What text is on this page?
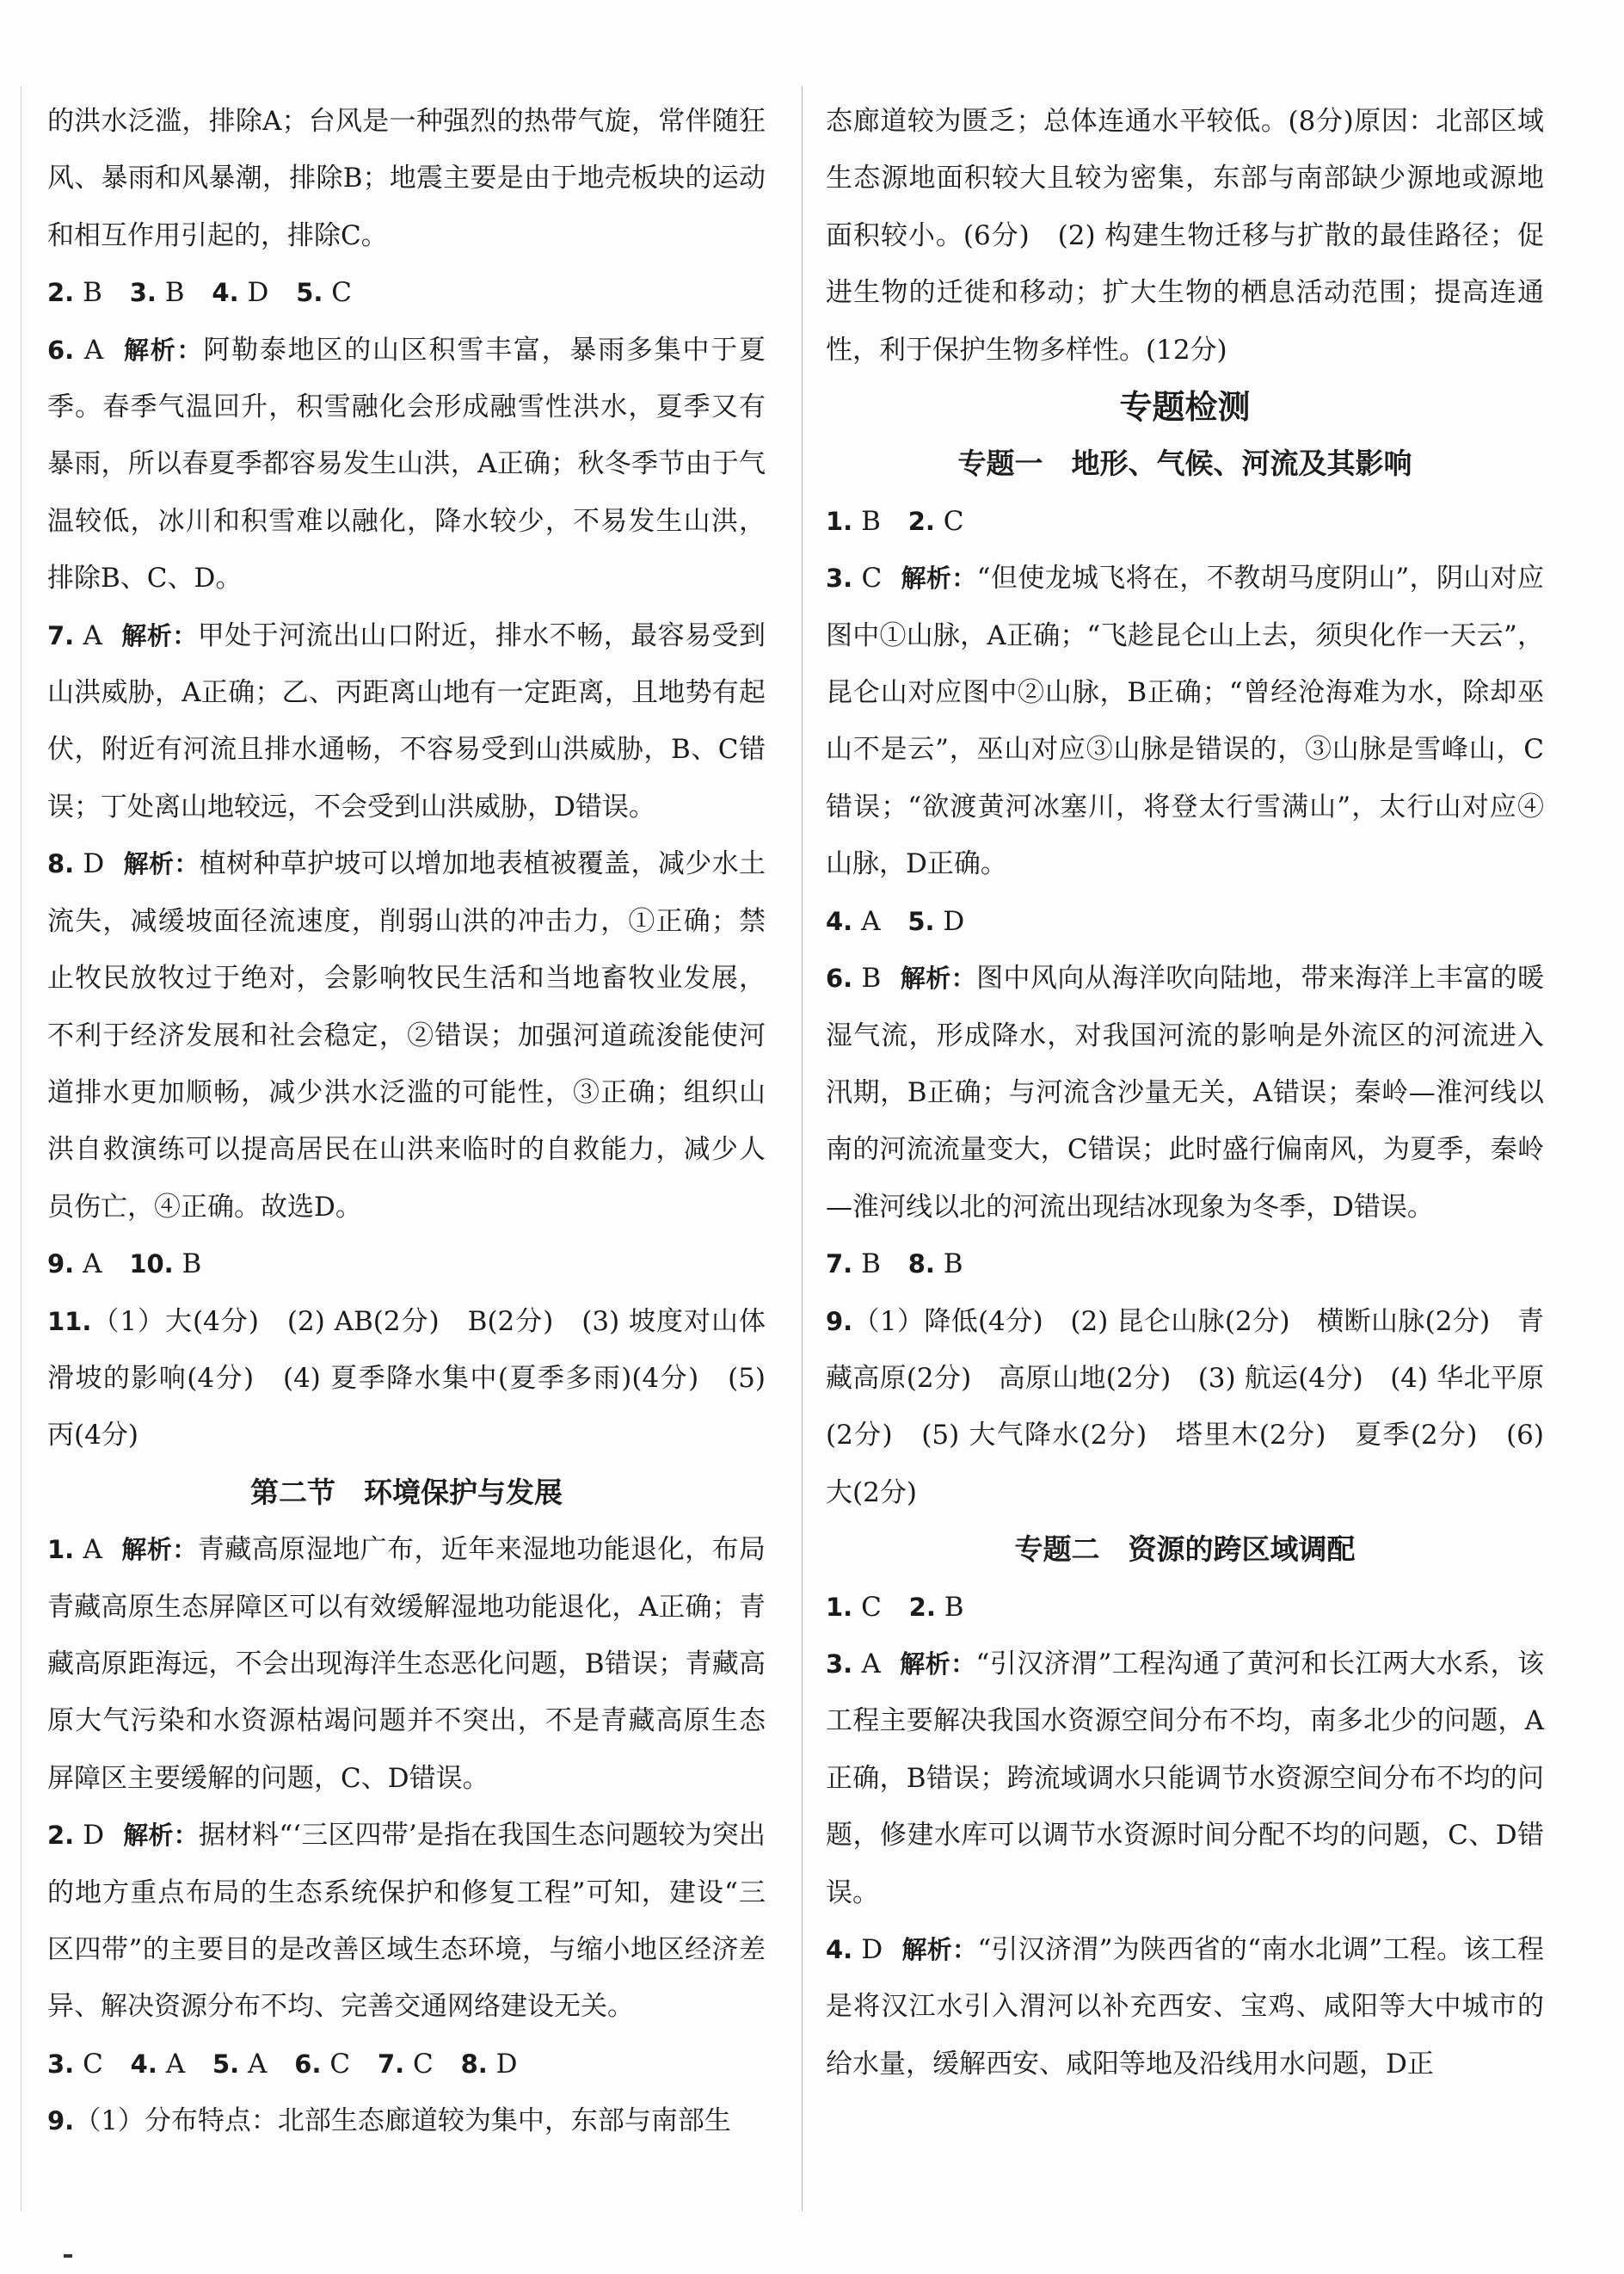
的洪水泛滥，排除A；台风是一种强烈的热带气旋，常伴随狂风、暴雨和风暴潮，排除B；地震主要是由于地壳板块的运动和相互作用引起的，排除C。

2. B 3. B 4. D 5. C

6. A 解析：阿勒泰地区的山区积雪丰富，暴雨多集中于夏季。春季气温回升，积雪融化会形成融雪性洪水，夏季又有暴雨，所以春夏季都容易发生山洪，A正确；秋冬季节由于气温较低，冰川和积雪难以融化，降水较少，不易发生山洪，排除B、C、D。

7. A 解析：甲处于河流出山口附近，排水不畅，最容易受到山洪威胁，A正确；乙、丙距离山地有一定距离，且地势有起伏，附近有河流且排水通畅，不容易受到山洪威胁，B、C错误；丁处离山地较远，不会受到山洪威胁，D错误。

8. D 解析：植树种草护坡可以增加地表植被覆盖，减少水土流失，减缓坡面径流速度，削弱山洪的冲击力，①正确；禁止牧民放牧过于绝对，会影响牧民生活和当地畜牧业发展，不利于经济发展和社会稳定，②错误；加强河道疏浚能使河道排水更加顺畅，减少洪水泛滥的可能性，③正确；组织山洪自救演练可以提高居民在山洪来临时的自救能力，减少人员伤亡，④正确。故选D。

9. A 10. B

11.（1）大(4分)　(2) AB(2分)　B(2分)　(3) 坡度对山体滑坡的影响(4分)　(4) 夏季降水集中(夏季多雨)(4分)　(5) 丙(4分)

第二节　环境保护与发展

1. A 解析：青藏高原湿地广布，近年来湿地功能退化，布局青藏高原生态屏障区可以有效缓解湿地功能退化，A正确；青藏高原距海远，不会出现海洋生态恶化问题，B错误；青藏高原大气污染和水资源枯竭问题并不突出，不是青藏高原生态屏障区主要缓解的问题，C、D错误。

2. D 解析：据材料“‘三区四带’是指在我国生态问题较为突出的地方重点布局的生态系统保护和修复工程”可知，建设“三区四带”的主要目的是改善区域生态环境，与缩小地区经济差异、解决资源分布不均、完善交通网络建设无关。

3. C 4. A 5. A 6. C 7. C 8. D

9.（1）分布特点：北部生态廊道较为集中，东部与南部生

态廊道较为匮乏；总体连通水平较低。(8分)原因：北部区域生态源地面积较大且较为密集，东部与南部缺少源地或源地面积较小。(6分)　(2) 构建生物迁移与扩散的最佳路径；促进生物的迁徙和移动；扩大生物的栖息活动范围；提高连通性，利于保护生物多样性。(12分)

专题检测

专题一　地形、气候、河流及其影响

1. B 2. C

3. C 解析：“但使龙城飞将在，不教胡马度阴山”，阴山对应图中①山脉，A正确；“飞趁昆仑山上去，须臾化作一天云”，昆仑山对应图中②山脉，B正确；“曾经沧海难为水，除却巫山不是云”，巫山对应③山脉是错误的，③山脉是雪峰山，C错误；“欲渡黄河冰塞川，将登太行雪满山”，太行山对应④山脉，D正确。

4. A 5. D

6. B 解析：图中风向从海洋吹向陆地，带来海洋上丰富的暖湿气流，形成降水，对我国河流的影响是外流区的河流进入汛期，B正确；与河流含沙量无关，A错误；秦岭—淮河线以南的河流流量变大，C错误；此时盛行偏南风，为夏季，秦岭—淮河线以北的河流出现结冰现象为冬季，D错误。

7. B 8. B

9.（1）降低(4分)　(2) 昆仑山脉(2分)　横断山脉(2分)　青藏高原(2分)　高原山地(2分)　(3) 航运(4分)　(4) 华北平原(2分)　(5) 大气降水(2分)　塔里木(2分)　夏季(2分)　(6) 大(2分)

专题二　资源的跨区域调配

1. C 2. B

3. A 解析：“引汉济渭”工程沟通了黄河和长江两大水系，该工程主要解决我国水资源空间分布不均，南多北少的问题，A正确，B错误；跨流域调水只能调节水资源空间分布不均的问题，修建水库可以调节水资源时间分配不均的问题，C、D错误。

4. D 解析：“引汉济渭”为陕西省的“南水北调”工程。该工程是将汉江水引入渭河以补充西安、宝鸡、咸阳等大中城市的给水量，缓解西安、咸阳等地及沿线用水问题，D正
